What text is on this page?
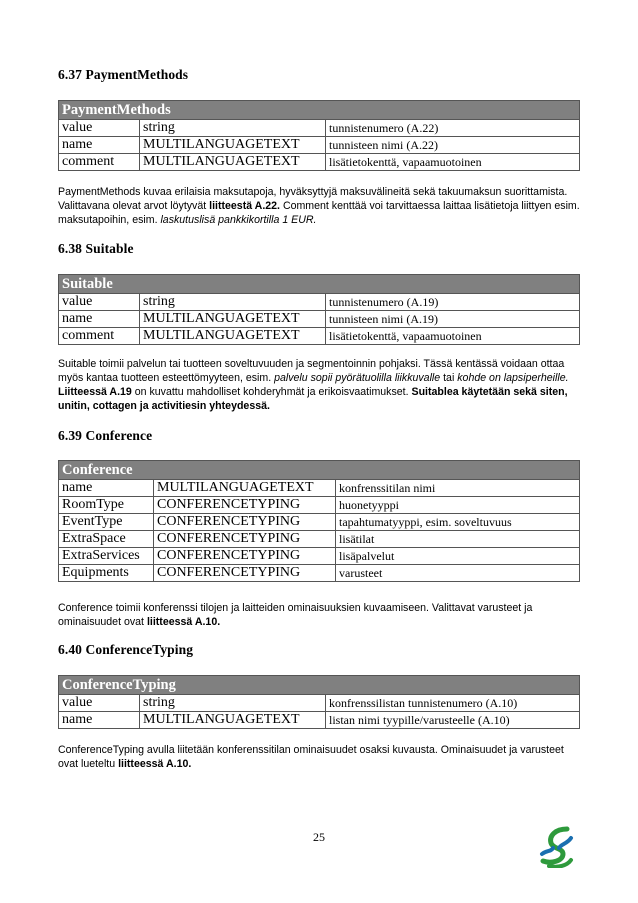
6.37 PaymentMethods
PaymentMethods		
value	string	tunnistenumero (A.22)
name	MULTILANGUAGETEXT	tunnisteen nimi (A.22)
comment	MULTILANGUAGETEXT	lisätietokenttä, vapaamuotoinen
PaymentMethods kuvaa erilaisia maksutapoja, hyväksyttyjä maksuvälineitä sekä takuumaksun suorittamista. Valittavana olevat arvot löytyvät liitteestä A.22. Comment kenttää voi tarvittaessa laittaa lisätietoja liittyen esim. maksutapoihin, esim. laskutuslisä pankkikortilla 1 EUR.
6.38 Suitable
Suitable		
value	string	tunnistenumero (A.19)
name	MULTILANGUAGETEXT	tunnisteen nimi (A.19)
comment	MULTILANGUAGETEXT	lisätietokenttä, vapaamuotoinen
Suitable toimii palvelun tai tuotteen soveltuvuuden ja segmentoinnin pohjaksi. Tässä kentässä voidaan ottaa myös kantaa tuotteen esteettömyyteen, esim. palvelu sopii pyörätuolilla liikkuvalle tai kohde on lapsiperheille. Liitteessä A.19 on kuvattu mahdolliset kohderyhmät ja erikoisvaatimukset. Suitablea käytetään sekä siten, unitin, cottagen ja activitiesin yhteydessä.
6.39 Conference
Conference		
name	MULTILANGUAGETEXT	konfrenssitilan nimi
RoomType	CONFERENCETYPING	huonetyyppi
EventType	CONFERENCETYPING	tapahtumatyyppi, esim. soveltuvuus
ExtraSpace	CONFERENCETYPING	lisätilat
ExtraServices	CONFERENCETYPING	lisäpalvelut
Equipments	CONFERENCETYPING	varusteet
Conference toimii konferenssi tilojen ja laitteiden ominaisuuksien kuvaamiseen. Valittavat varusteet ja ominaisuudet ovat liitteessä A.10.
6.40 ConferenceTyping
ConferenceTyping		
value	string	konfrenssilistan tunnistenumero (A.10)
name	MULTILANGUAGETEXT	listan nimi tyypille/varusteelle (A.10)
ConferenceTyping avulla liitetään konferenssitilan ominaisuudet osaksi kuvausta. Ominaisuudet ja varusteet ovat lueteltu liitteessä A.10.
25
